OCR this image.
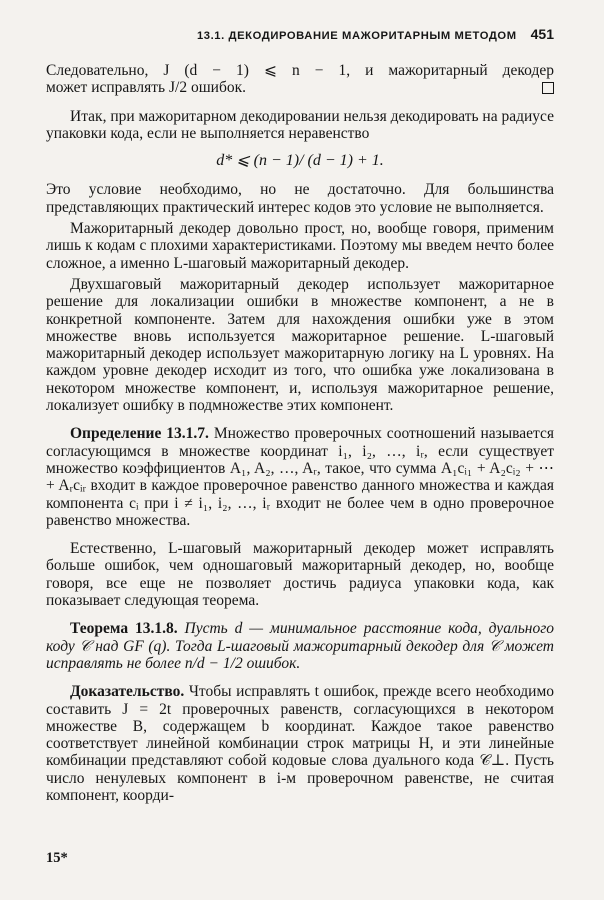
13.1. ДЕКОДИРОВАНИЕ МАЖОРИТАРНЫМ МЕТОДОМ 451

Следовательно, J (d − 1) ⩽ n − 1, и мажоритарный декодер

может исправлять J/2 ошибок.

Итак, при мажоритарном декодировании нельзя декодировать на радиусе упаковки кода, если не выполняется неравенство

d* ⩽ (n − 1)/ (d − 1) + 1.

Это условие необходимо, но не достаточно. Для большинства представляющих практический интерес кодов это условие не выполняется.

Мажоритарный декодер довольно прост, но, вообще говоря, применим лишь к кодам с плохими характеристиками. Поэтому мы введем нечто более сложное, а именно L-шаговый мажоритарный декодер.

Двухшаговый мажоритарный декодер использует мажоритарное решение для локализации ошибки в множестве компонент, а не в конкретной компоненте. Затем для нахождения ошибки уже в этом множестве вновь используется мажоритарное решение. L-шаговый мажоритарный декодер использует мажоритарную логику на L уровнях. На каждом уровне декодер исходит из того, что ошибка уже локализована в некотором множестве компонент, и, используя мажоритарное решение, локализует ошибку в подмножестве этих компонент.

Определение 13.1.7. Множество проверочных соотношений называется согласующимся в множестве координат i₁, i₂, …, iᵣ, если существует множество коэффициентов A₁, A₂, …, Aᵣ, такое, что сумма A₁cᵢ₁ + A₂cᵢ₂ + ⋯ + Aᵣcᵢᵣ входит в каждое проверочное равенство данного множества и каждая компонента cᵢ при i ≠ i₁, i₂, …, iᵣ входит не более чем в одно проверочное равенство множества.

Естественно, L-шаговый мажоритарный декодер может исправлять больше ошибок, чем одношаговый мажоритарный декодер, но, вообще говоря, все еще не позволяет достичь радиуса упаковки кода, как показывает следующая теорема.

Теорема 13.1.8. Пусть d — минимальное расстояние кода, дуального коду 𝒞 над GF (q). Тогда L-шаговый мажоритарный декодер для 𝒞 может исправлять не более n/d − 1/2 ошибок.

Доказательство. Чтобы исправлять t ошибок, прежде всего необходимо составить J = 2t проверочных равенств, согласующихся в некотором множестве B, содержащем b координат. Каждое такое равенство соответствует линейной комбинации строк матрицы H, и эти линейные комбинации представляют собой кодовые слова дуального кода 𝒞⊥. Пусть число ненулевых компонент в i-м проверочном равенстве, не считая компонент, коорди-

15*
